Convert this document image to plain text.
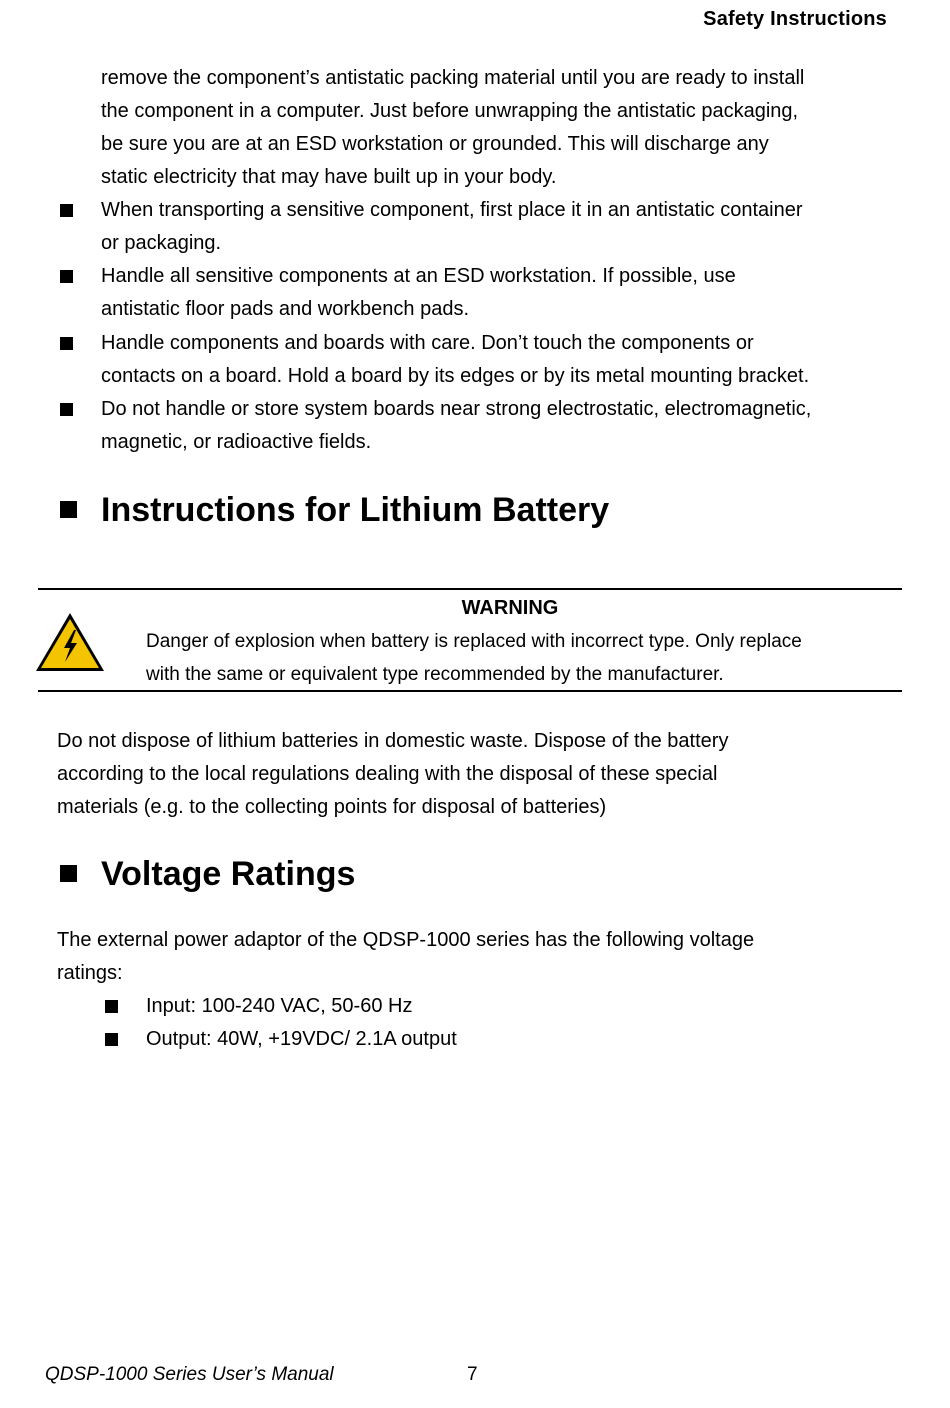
Safety Instructions

remove the component’s antistatic packing material until you are ready to install

the component in a computer. Just before unwrapping the antistatic packaging,

be sure you are at an ESD workstation or grounded. This will discharge any

static electricity that may have built up in your body.

When transporting a sensitive component, first place it in an antistatic container

or packaging.

Handle all sensitive components at an ESD workstation. If possible, use

antistatic floor pads and workbench pads.

Handle components and boards with care. Don’t touch the components or

contacts on a board. Hold a board by its edges or by its metal mounting bracket.

Do not handle or store system boards near strong electrostatic, electromagnetic,

magnetic, or radioactive fields.

Instructions for Lithium Battery
WARNING
Danger of explosion when battery is replaced with incorrect type. Only replace
with the same or equivalent type recommended by the manufacturer.

Do not dispose of lithium batteries in domestic waste. Dispose of the battery

according to the local regulations dealing with the disposal of these special

materials (e.g. to the collecting points for disposal of batteries)

Voltage Ratings

The external power adaptor of the QDSP-1000 series has the following voltage

ratings:

Input: 100-240 VAC, 50-60 Hz

Output: 40W, +19VDC/ 2.1A output

QDSP-1000 Series User’s Manual	7
